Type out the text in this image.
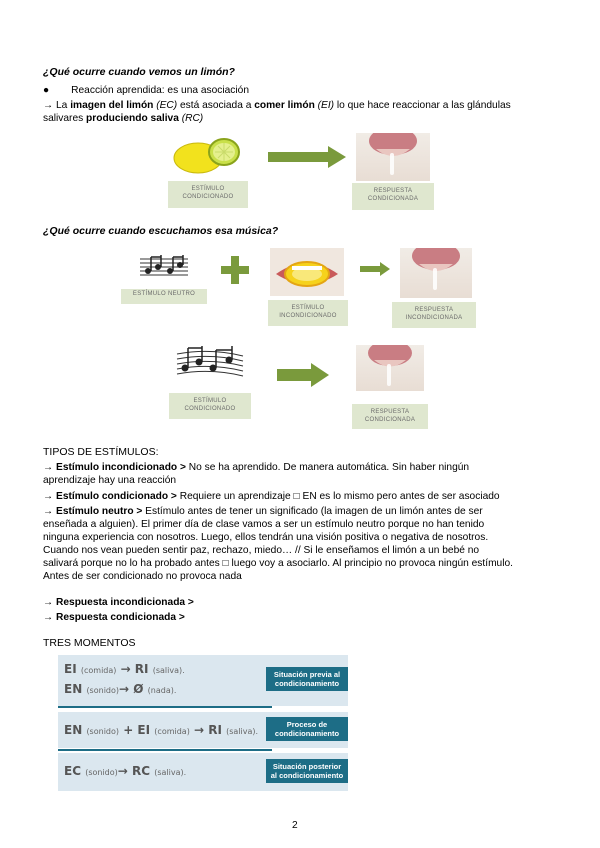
¿Qué ocurre cuando vemos un limón?
● Reacción aprendida: es una asociación
→ La imagen del limón (EC) está asociada a comer limón (EI) lo que hace reaccionar a las glándulas
salivares produciendo saliva (RC)
ESTÍMULO
CONDICIONADO
RESPUESTA
CONDICIONADA
¿Qué ocurre cuando escuchamos esa música?
ESTÍMULO NEUTRO
ESTÍMULO
INCONDICIONADO
RESPUESTA
INCONDICIONADA
ESTÍMULO
CONDICIONADO	RESPUESTA
CONDICIONADA
TIPOS DE ESTÍMULOS:
→ Estímulo incondicionado > No se ha aprendido. De manera automática. Sin haber ningún
aprendizaje hay una reacción
→ Estímulo condicionado > Requiere un aprendizaje □ EN es lo mismo pero antes de ser asociado
→ Estímulo neutro > Estímulo antes de tener un significado (la imagen de un limón antes de ser
enseñada a alguien). El primer día de clase vamos a ser un estímulo neutro porque no han tenido
ninguna experiencia con nosotros. Luego, ellos tendrán una visión positiva o negativa de nosotros.
Cuando nos vean pueden sentir paz, rechazo, miedo… // Si le enseñamos el limón a un bebé no
salivará porque no lo ha probado antes □ luego voy a asociarlo. Al principio no provoca ningún estímulo.
Antes de ser condicionado no provoca nada
→ Respuesta incondicionada >
→ Respuesta condicionada >
TRES MOMENTOS
EI (comida) → RI (saliva).
EN (sonido)→ Ø (nada).
Situación previa al
condicionamiento
EN (sonido) + EI (comida) → RI (saliva).
Proceso de
condicionamiento
EC (sonido)→ RC (saliva).
Situación posterior
al condicionamiento
2
